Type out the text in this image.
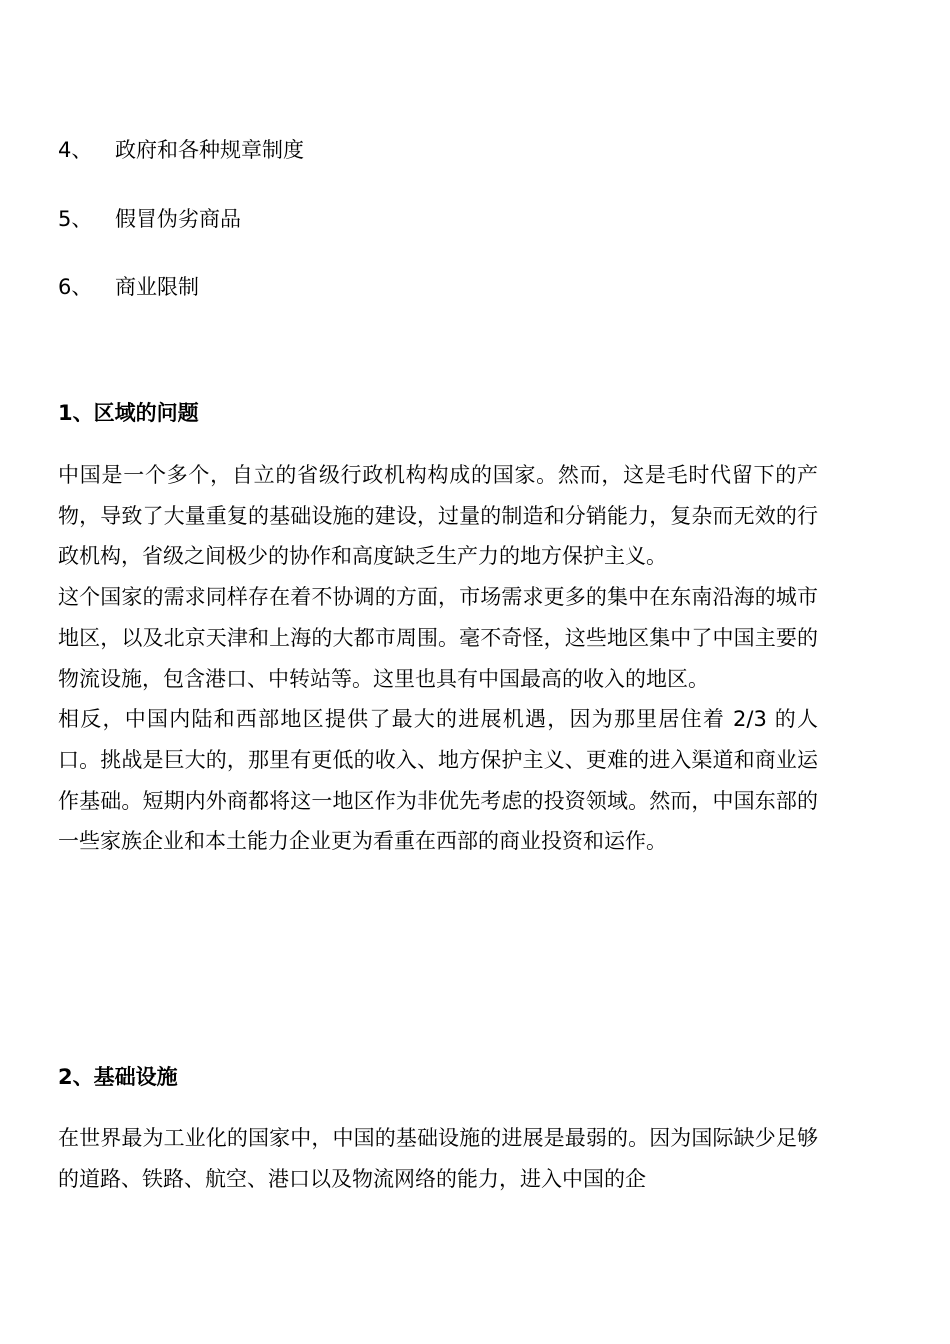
4、 政府和各种规章制度
5、 假冒伪劣商品
6、 商业限制
1、区域的问题

中国是一个多个，自立的省级行政机构构成的国家。然而，这是毛时代留下的产物，导致了大量重复的基础设施的建设，过量的制造和分销能力，复杂而无效的行政机构，省级之间极少的协作和高度缺乏生产力的地方保护主义。

这个国家的需求同样存在着不协调的方面，市场需求更多的集中在东南沿海的城市地区，以及北京天津和上海的大都市周围。毫不奇怪，这些地区集中了中国主要的物流设施，包含港口、中转站等。这里也具有中国最高的收入的地区。

相反，中国内陆和西部地区提供了最大的进展机遇，因为那里居住着 2/3 的人口。挑战是巨大的，那里有更低的收入、地方保护主义、更难的进入渠道和商业运作基础。短期内外商都将这一地区作为非优先考虑的投资领域。然而，中国东部的一些家族企业和本土能力企业更为看重在西部的商业投资和运作。

2、基础设施

在世界最为工业化的国家中，中国的基础设施的进展是最弱的。因为国际缺少足够的道路、铁路、航空、港口以及物流网络的能力，进入中国的企
